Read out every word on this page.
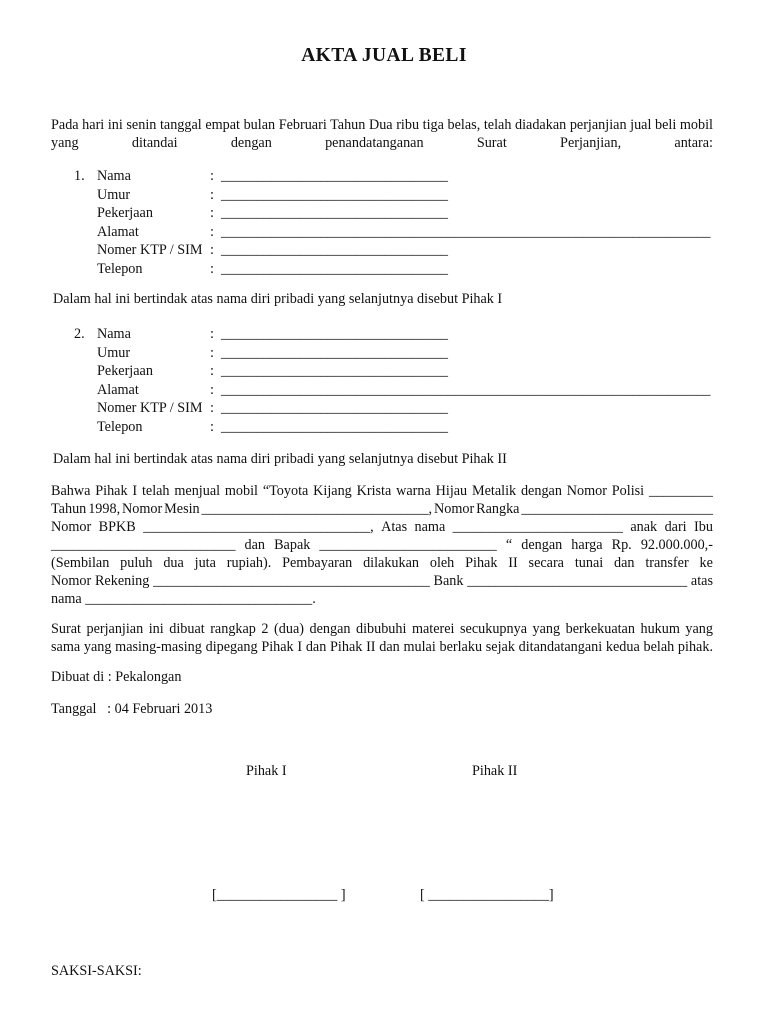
AKTA JUAL BELI
Pada hari ini senin tanggal empat bulan Februari Tahun Dua ribu tiga belas, telah diadakan perjanjian jual beli mobil yang ditandai dengan penandatanganan Surat Perjanjian, antara:
1. Nama	: ________________________________
Umur	: ________________________________
Pekerjaan	: ________________________________
Alamat	: _____________________________________________________________________
Nomer KTP / SIM : ________________________________
Telepon	: ________________________________
Dalam hal ini bertindak atas nama diri pribadi yang selanjutnya disebut Pihak I
2. Nama	: ________________________________
Umur	: ________________________________
Pekerjaan	: ________________________________
Alamat	: _____________________________________________________________________
Nomer KTP / SIM : ________________________________
Telepon	: ________________________________
Dalam hal ini bertindak atas nama diri pribadi yang selanjutnya disebut Pihak II
Bahwa Pihak I telah menjual mobil “Toyota Kijang Krista warna Hijau Metalik dengan Nomor Polisi _________
Tahun 1998, Nomor Mesin ________________________________, Nomor Rangka ___________________________
Nomor BPKB ________________________________, Atas nama ________________________ anak dari Ibu
__________________________ dan Bapak _________________________ “ dengan harga Rp. 92.000.000,-
(Sembilan puluh dua juta rupiah). Pembayaran dilakukan oleh Pihak II secara tunai dan transfer ke
Nomor Rekening _______________________________________ Bank _______________________________ atas
nama ________________________________.
Surat perjanjian ini dibuat rangkap 2 (dua) dengan dibubuhi materei secukupnya yang berkekuatan hukum yang sama yang masing-masing dipegang Pihak I dan Pihak II dan mulai berlaku sejak ditandatangani kedua belah pihak.
Dibuat di : Pekalongan
Tanggal   : 04 Februari 2013
Pihak I	Pihak II
[_________________ ]	[ _________________]
SAKSI-SAKSI:
